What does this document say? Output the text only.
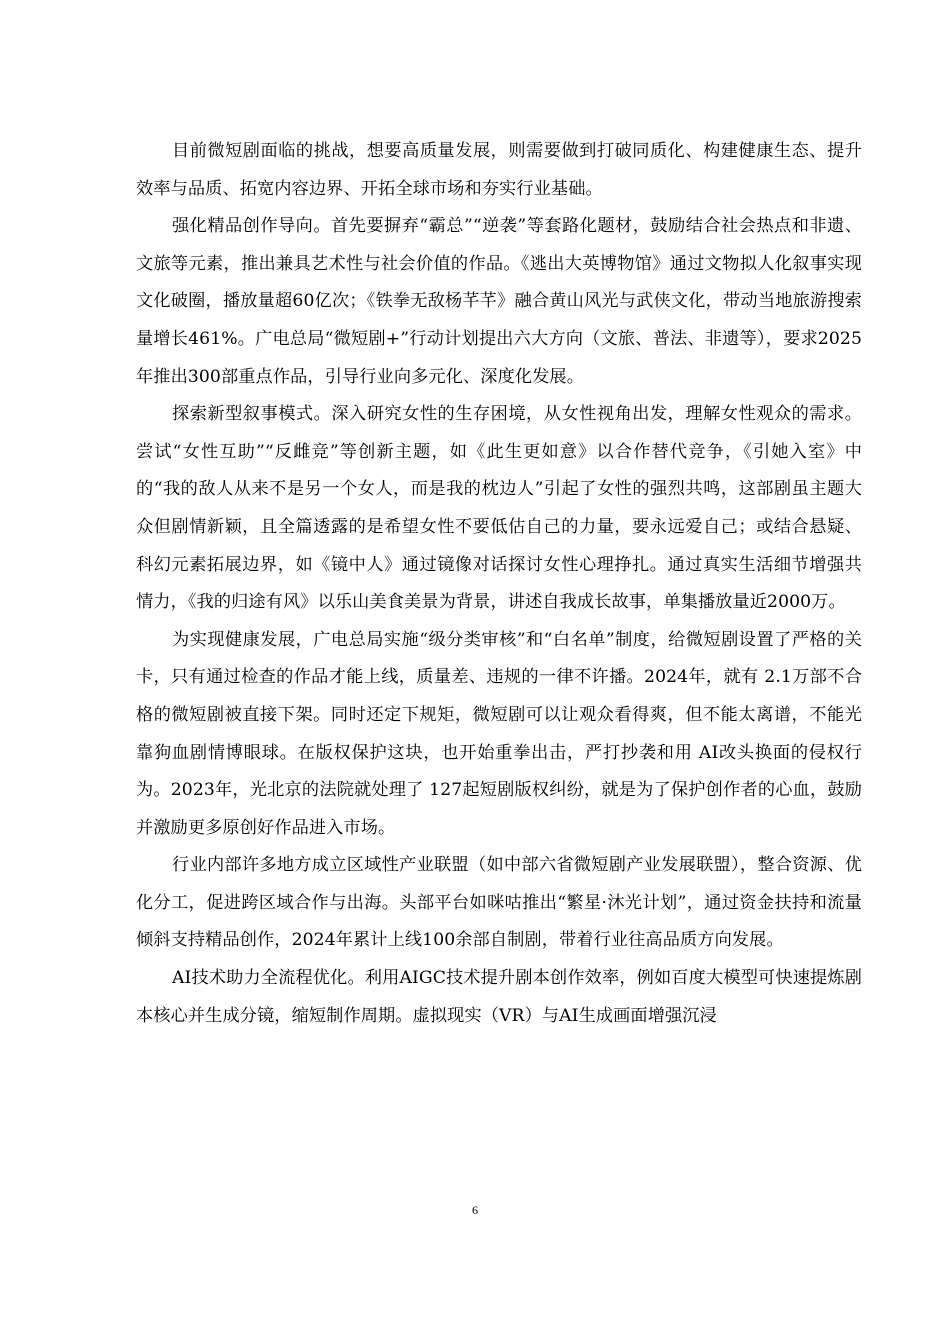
目前微短剧面临的挑战，想要高质量发展，则需要做到打破同质化、构建健康生态、提升效率与品质、拓宽内容边界、开拓全球市场和夯实行业基础。

强化精品创作导向。首先要摒弃“霸总”“逆袭”等套路化题材，鼓励结合社会热点和非遗、文旅等元素，推出兼具艺术性与社会价值的作品。《逃出大英博物馆》通过文物拟人化叙事实现文化破圈，播放量超60亿次；《铁拳无敌杨芊芊》融合黄山风光与武侠文化，带动当地旅游搜索量增长461%。广电总局“微短剧+”行动计划提出六大方向（文旅、普法、非遗等），要求2025年推出300部重点作品，引导行业向多元化、深度化发展。

探索新型叙事模式。深入研究女性的生存困境，从女性视角出发，理解女性观众的需求。尝试“女性互助”“反雌竞”等创新主题，如《此生更如意》以合作替代竞争，《引她入室》中的“我的敌人从来不是另一个女人，而是我的枕边人”引起了女性的强烈共鸣，这部剧虽主题大众但剧情新颖，且全篇透露的是希望女性不要低估自己的力量，要永远爱自己；或结合悬疑、科幻元素拓展边界，如《镜中人》通过镜像对话探讨女性心理挣扎。通过真实生活细节增强共情力，《我的归途有风》以乐山美食美景为背景，讲述自我成长故事，单集播放量近2000万。

为实现健康发展，广电总局实施“级分类审核”和“白名单”制度，给微短剧设置了严格的关卡，只有通过检查的作品才能上线，质量差、违规的一律不许播。2024年，就有 2.1万部不合格的微短剧被直接下架。同时还定下规矩，微短剧可以让观众看得爽，但不能太离谱，不能光靠狗血剧情博眼球。在版权保护这块，也开始重拳出击，严打抄袭和用 AI改头换面的侵权行为。2023年，光北京的法院就处理了 127起短剧版权纠纷，就是为了保护创作者的心血，鼓励并激励更多原创好作品进入市场。

行业内部许多地方成立区域性产业联盟（如中部六省微短剧产业发展联盟），整合资源、优化分工，促进跨区域合作与出海。头部平台如咪咕推出“繁星·沐光计划”，通过资金扶持和流量倾斜支持精品创作，2024年累计上线100余部自制剧，带着行业往高品质方向发展。

AI技术助力全流程优化。利用AIGC技术提升剧本创作效率，例如百度大模型可快速提炼剧本核心并生成分镜，缩短制作周期。虚拟现实（VR）与AI生成画面增强沉浸

6
